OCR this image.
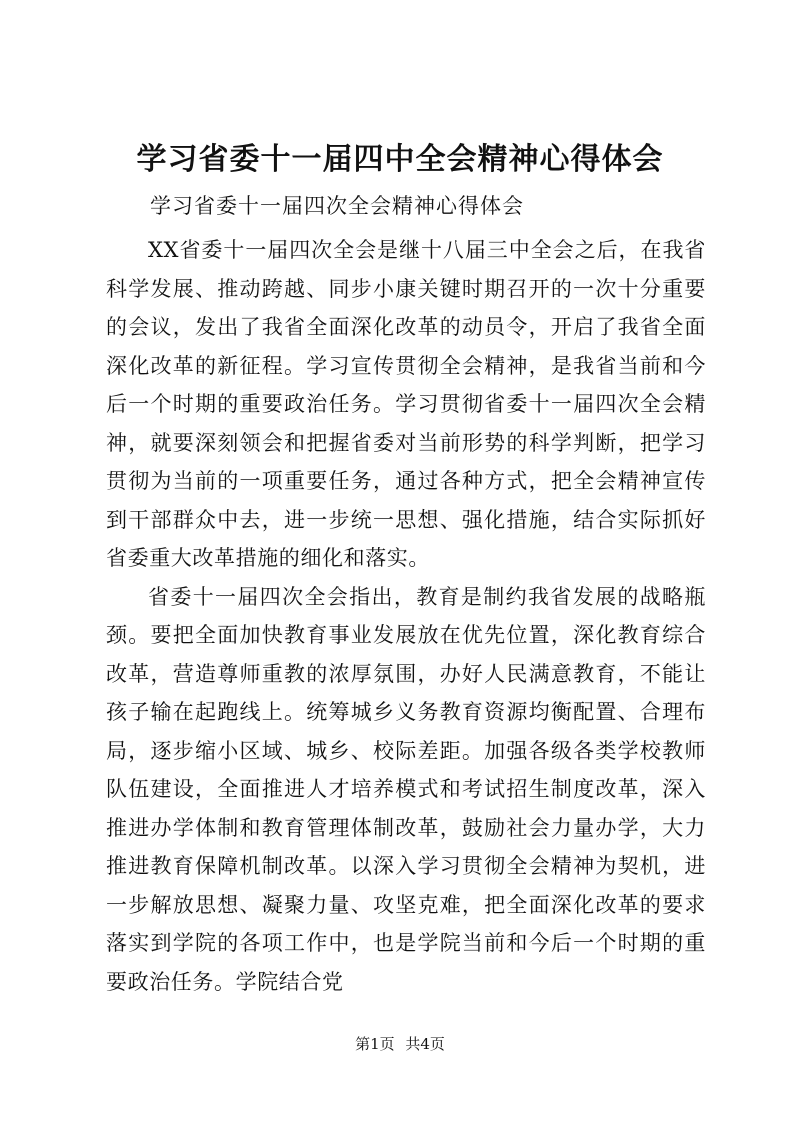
学习省委十一届四中全会精神心得体会

学习省委十一届四次全会精神心得体会

XX省委十一届四次全会是继十八届三中全会之后，在我省科学发展、推动跨越、同步小康关键时期召开的一次十分重要的会议，发出了我省全面深化改革的动员令，开启了我省全面深化改革的新征程。学习宣传贯彻全会精神，是我省当前和今后一个时期的重要政治任务。学习贯彻省委十一届四次全会精神，就要深刻领会和把握省委对当前形势的科学判断，把学习贯彻为当前的一项重要任务，通过各种方式，把全会精神宣传到干部群众中去，进一步统一思想、强化措施，结合实际抓好省委重大改革措施的细化和落实。

省委十一届四次全会指出，教育是制约我省发展的战略瓶颈。要把全面加快教育事业发展放在优先位置，深化教育综合改革，营造尊师重教的浓厚氛围，办好人民满意教育，不能让孩子输在起跑线上。统筹城乡义务教育资源均衡配置、合理布局，逐步缩小区域、城乡、校际差距。加强各级各类学校教师队伍建设，全面推进人才培养模式和考试招生制度改革，深入推进办学体制和教育管理体制改革，鼓励社会力量办学，大力推进教育保障机制改革。以深入学习贯彻全会精神为契机，进一步解放思想、凝聚力量、攻坚克难，把全面深化改革的要求落实到学院的各项工作中，也是学院当前和今后一个时期的重要政治任务。学院结合党

第1页 共4页
